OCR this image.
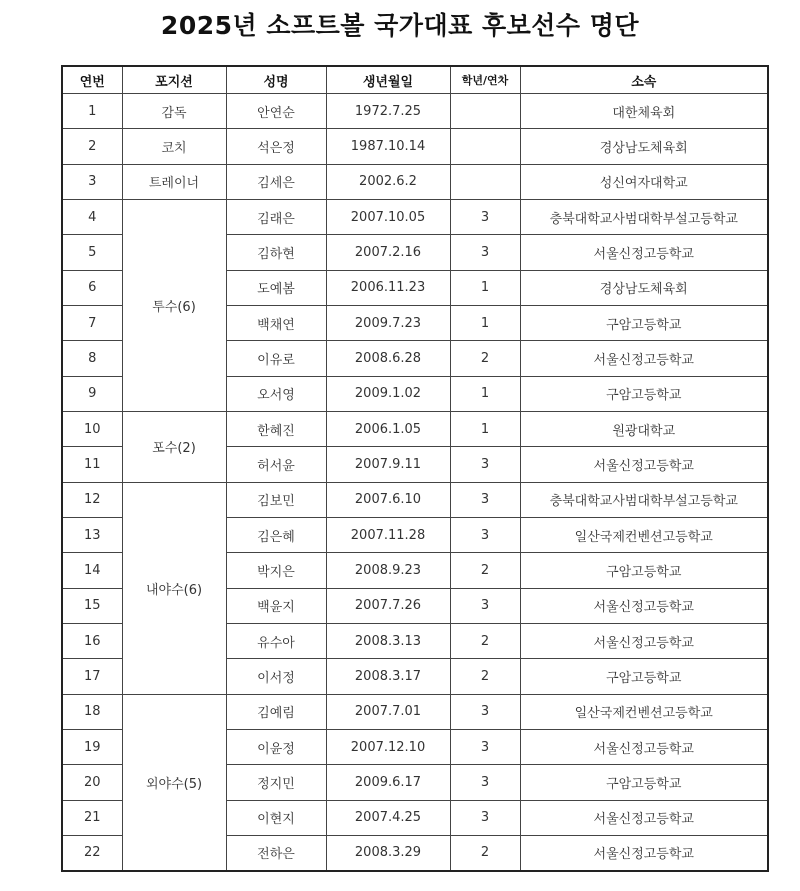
2025년 소프트볼 국가대표 후보선수 명단
연번	포지션	성명	생년월일	학년/연차	소속
1	감독	안연순	1972.7.25		대한체육회
2	코치	석은정	1987.10.14		경상남도체육회
3	트레이너	김세은	2002.6.2		성신여자대학교
4	투수(6)	김래은	2007.10.05	3	충북대학교사범대학부설고등학교
5		김하현	2007.2.16	3	서울신정고등학교
6		도예봄	2006.11.23	1	경상남도체육회
7		백채연	2009.7.23	1	구암고등학교
8		이유로	2008.6.28	2	서울신정고등학교
9		오서영	2009.1.02	1	구암고등학교
10	포수(2)	한혜진	2006.1.05	1	원광대학교
11		허서윤	2007.9.11	3	서울신정고등학교
12	내야수(6)	김보민	2007.6.10	3	충북대학교사범대학부설고등학교
13		김은혜	2007.11.28	3	일산국제컨벤션고등학교
14		박지은	2008.9.23	2	구암고등학교
15		백윤지	2007.7.26	3	서울신정고등학교
16		유수아	2008.3.13	2	서울신정고등학교
17		이서정	2008.3.17	2	구암고등학교
18	외야수(5)	김예림	2007.7.01	3	일산국제컨벤션고등학교
19		이윤정	2007.12.10	3	서울신정고등학교
20		정지민	2009.6.17	3	구암고등학교
21		이현지	2007.4.25	3	서울신정고등학교
22		전하은	2008.3.29	2	서울신정고등학교
